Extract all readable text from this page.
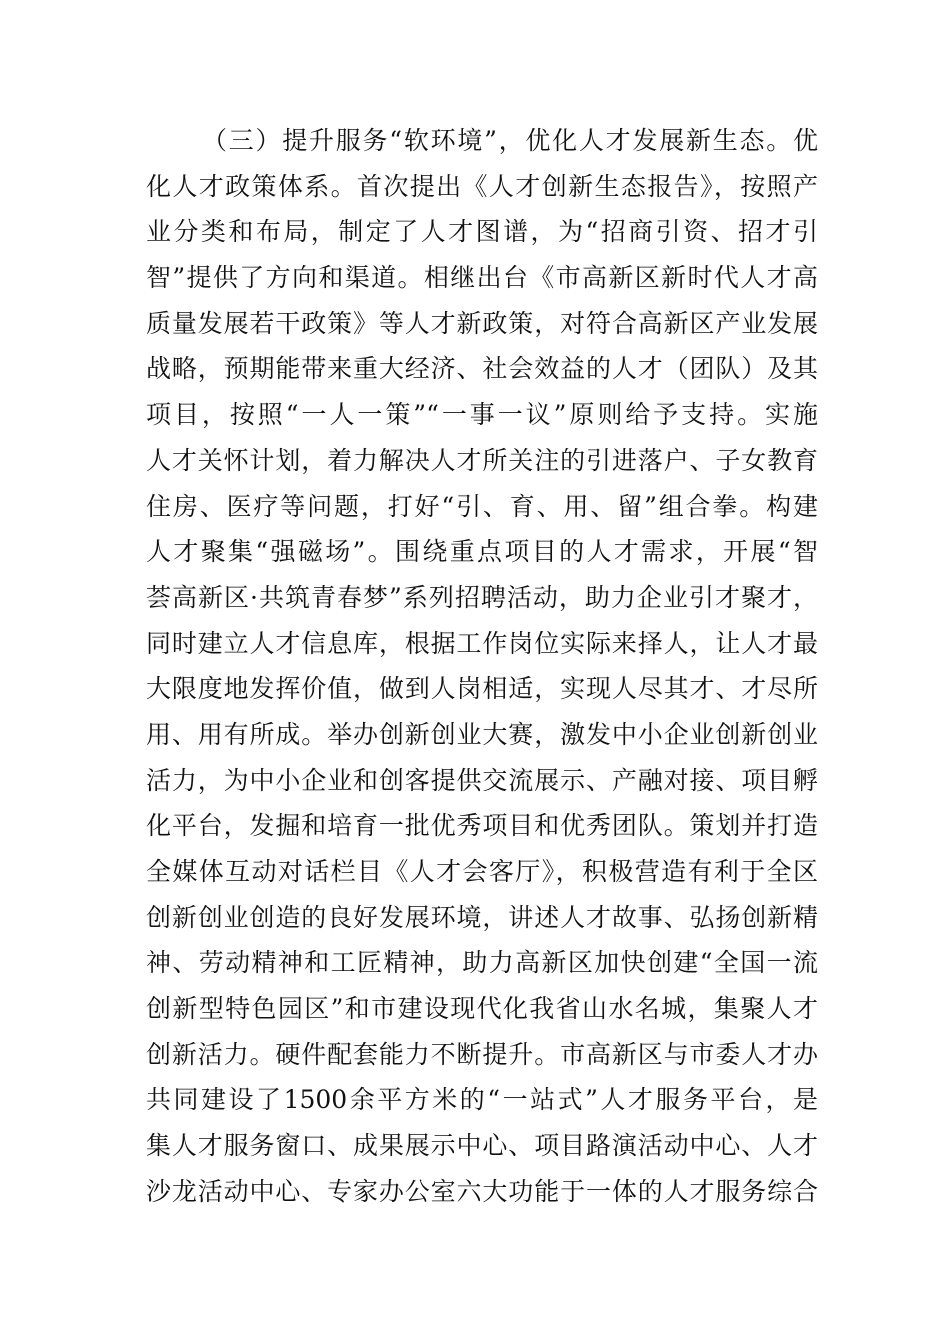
（三）提升服务“软环境”，优化人才发展新生态。优
化人才政策体系。首次提出《人才创新生态报告》，按照产
业分类和布局，制定了人才图谱，为“招商引资、招才引
智”提供了方向和渠道。相继出台《市高新区新时代人才高
质量发展若干政策》等人才新政策，对符合高新区产业发展
战略，预期能带来重大经济、社会效益的人才（团队）及其
项目，按照“一人一策”“一事一议”原则给予支持。实施
人才关怀计划，着力解决人才所关注的引进落户、子女教育
住房、医疗等问题，打好“引、育、用、留”组合拳。构建
人才聚集“强磁场”。围绕重点项目的人才需求，开展“智
荟高新区·共筑青春梦”系列招聘活动，助力企业引才聚才，
同时建立人才信息库，根据工作岗位实际来择人，让人才最
大限度地发挥价值，做到人岗相适，实现人尽其才、才尽所
用、用有所成。举办创新创业大赛，激发中小企业创新创业
活力，为中小企业和创客提供交流展示、产融对接、项目孵
化平台，发掘和培育一批优秀项目和优秀团队。策划并打造
全媒体互动对话栏目《人才会客厅》，积极营造有利于全区
创新创业创造的良好发展环境，讲述人才故事、弘扬创新精
神、劳动精神和工匠精神，助力高新区加快创建“全国一流
创新型特色园区”和市建设现代化我省山水名城，集聚人才
创新活力。硬件配套能力不断提升。市高新区与市委人才办
共同建设了1500余平方米的“一站式”人才服务平台，是
集人才服务窗口、成果展示中心、项目路演活动中心、人才
沙龙活动中心、专家办公室六大功能于一体的人才服务综合
